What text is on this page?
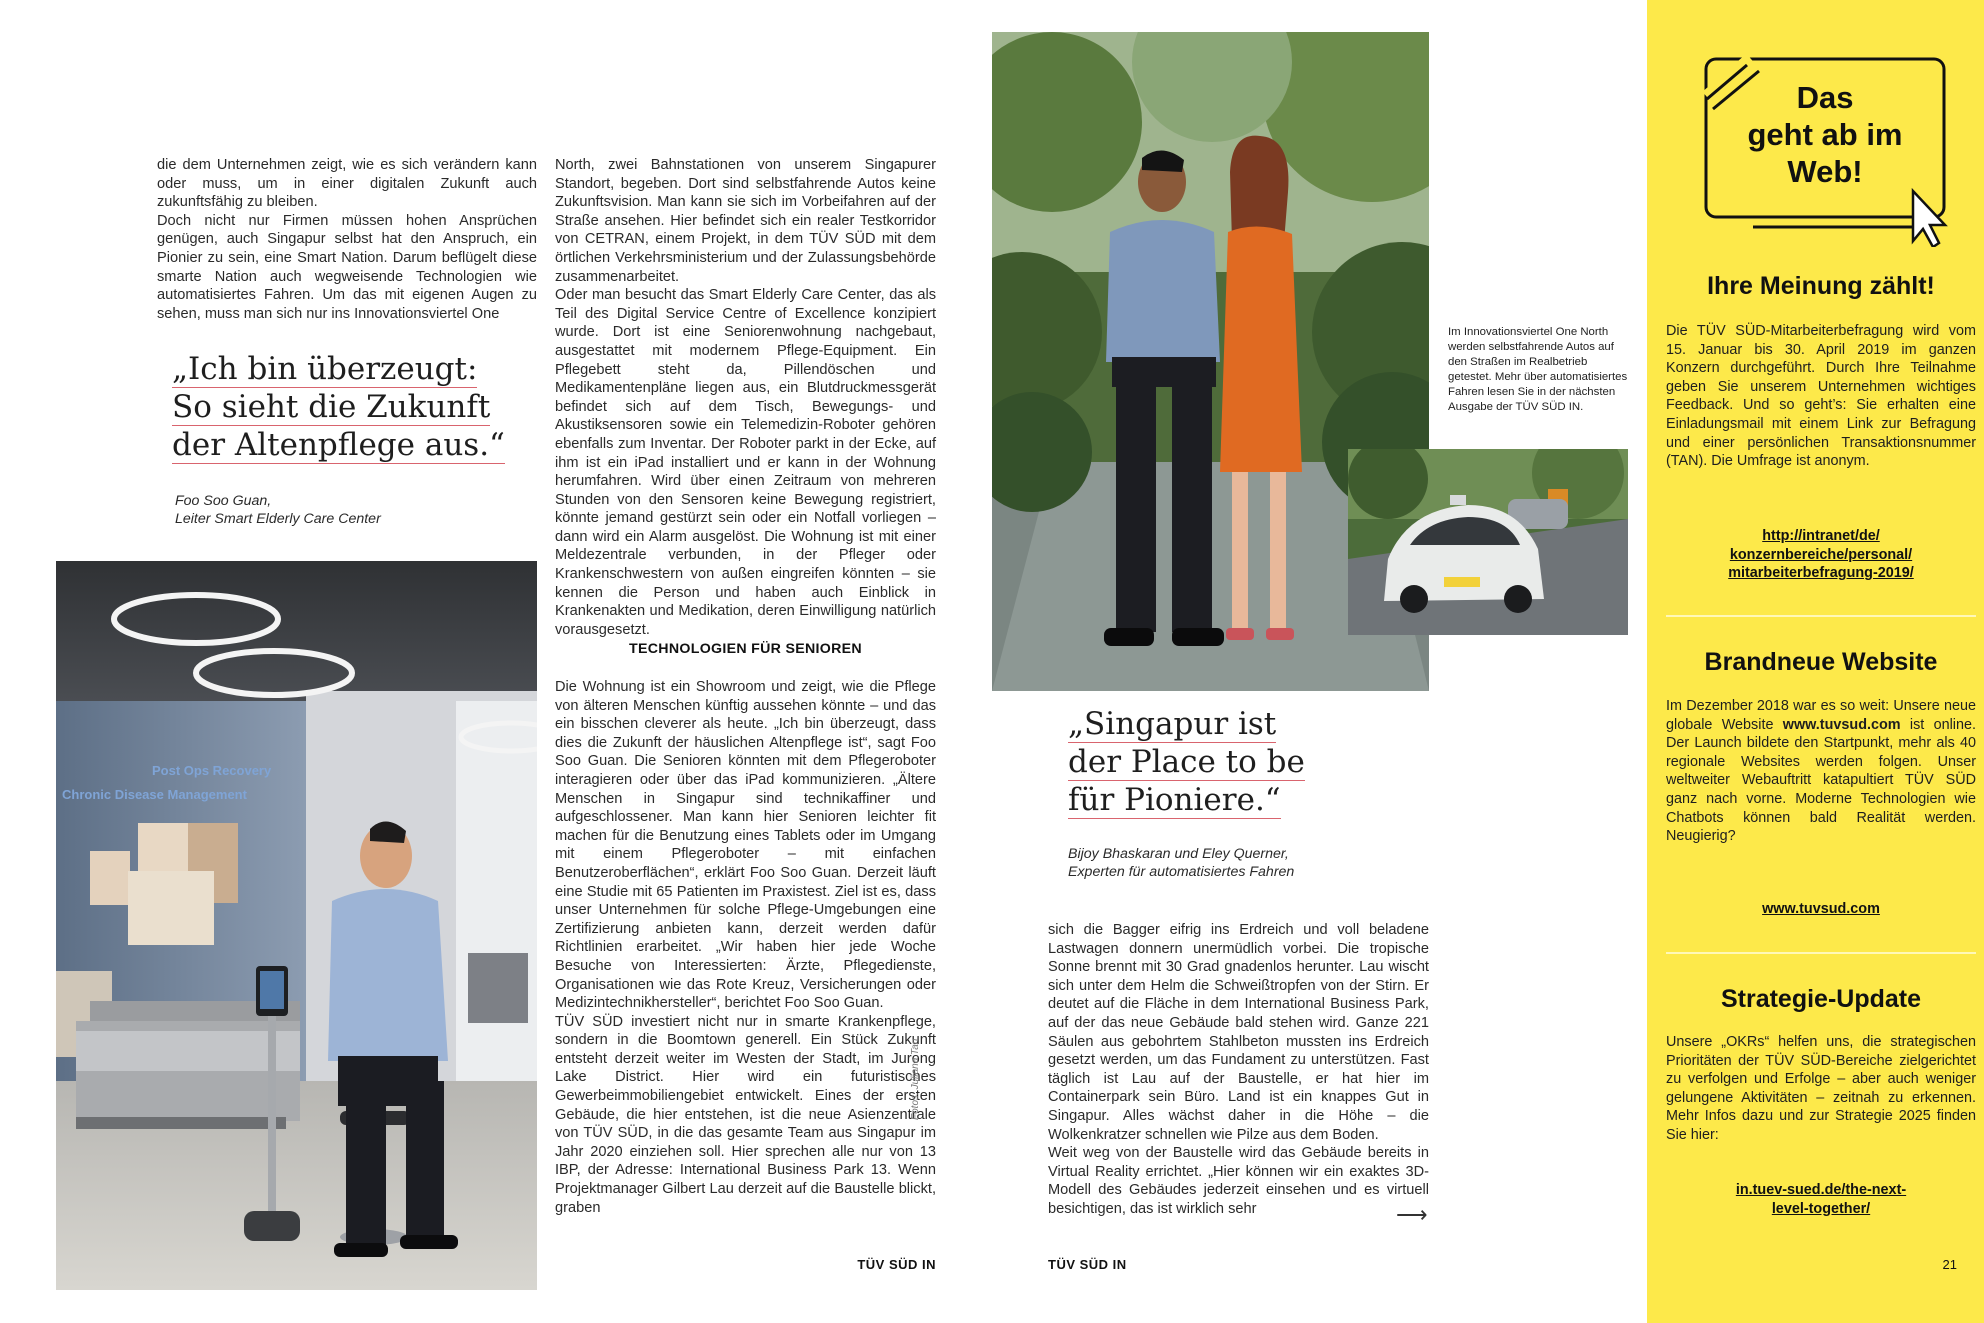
die dem Unternehmen zeigt, wie es sich verändern kann oder muss, um in einer digitalen Zukunft auch zukunftsfähig zu bleiben.
Doch nicht nur Firmen müssen hohen Ansprüchen genügen, auch Singapur selbst hat den Anspruch, ein Pionier zu sein, eine Smart Nation. Darum beflügelt diese smarte Nation auch wegweisende Technologien wie automatisiertes Fahren. Um das mit eigenen Augen zu sehen, muss man sich nur ins Innovationsviertel One
„Ich bin überzeugt:
So sieht die Zukunft
der Altenpflege aus.“
Foo Soo Guan,
Leiter Smart Elderly Care Center
Post Ops Recovery
Chronic Disease Management
North, zwei Bahnstationen von unserem Singapurer Standort, begeben. Dort sind selbstfahrende Autos keine Zukunftsvision. Man kann sie sich im Vorbeifahren auf der Straße ansehen. Hier befindet sich ein realer Testkorridor von CETRAN, einem Projekt, in dem TÜV SÜD mit dem örtlichen Verkehrsministerium und der Zulassungsbehörde zusammenarbeitet.
Oder man besucht das Smart Elderly Care Center, das als Teil des Digital Service Centre of Excellence konzipiert wurde. Dort ist eine Seniorenwohnung nachgebaut, ausgestattet mit modernem Pflege-Equipment. Ein Pflegebett steht da, Pillendöschen und Medikamentenpläne liegen aus, ein Blutdruckmessgerät befindet sich auf dem Tisch, Bewegungs- und Akustiksensoren sowie ein Telemedizin-Roboter gehören ebenfalls zum Inventar. Der Roboter parkt in der Ecke, auf ihm ist ein iPad installiert und er kann in der Wohnung herumfahren. Wird über einen Zeitraum von mehreren Stunden von den Sensoren keine Bewegung registriert, könnte jemand gestürzt sein oder ein Notfall vorliegen – dann wird ein Alarm ausgelöst. Die Wohnung ist mit einer Meldezentrale verbunden, in der Pfleger oder Krankenschwestern von außen eingreifen könnten – sie kennen die Person und haben auch Einblick in Krankenakten und Medikation, deren Einwilligung natürlich vorausgesetzt.
TECHNOLOGIEN FÜR SENIOREN
Die Wohnung ist ein Showroom und zeigt, wie die Pflege von älteren Menschen künftig aussehen könnte – und das ein bisschen cleverer als heute. „Ich bin überzeugt, dass dies die Zukunft der häuslichen Altenpflege ist“, sagt Foo Soo Guan. Die Senioren könnten mit dem Pflegeroboter interagieren oder über das iPad kommunizieren. „Ältere Menschen in Singapur sind technikaffiner und aufgeschlossener. Man kann hier Senioren leichter fit machen für die Benutzung eines Tablets oder im Umgang mit einem Pflegeroboter – mit einfachen Benutzeroberflächen“, erklärt Foo Soo Guan. Derzeit läuft eine Studie mit 65 Patienten im Praxistest. Ziel ist es, dass unser Unternehmen für solche Pflege-Umgebungen eine Zertifizierung anbieten kann, derzeit werden dafür Richtlinien erarbeitet. „Wir haben hier jede Woche Besuche von Interessierten: Ärzte, Pflegedienste, Organisationen wie das Rote Kreuz, Versicherungen oder Medizintechnikhersteller“, berichtet Foo Soo Guan.
TÜV SÜD investiert nicht nur in smarte Krankenpflege, sondern in die Boomtown generell. Ein Stück Zukunft entsteht derzeit weiter im Westen der Stadt, im Jurong Lake District. Hier wird ein futuristisches Gewerbeimmobiliengebiet entwickelt. Eines der ersten Gebäude, die hier entstehen, ist die neue Asienzentrale von TÜV SÜD, in die das gesamte Team aus Singapur im Jahr 2020 einziehen soll. Hier sprechen alle nur von 13 IBP, der Adresse: International Business Park 13. Wenn Projektmanager Gilbert Lau derzeit auf die Baustelle blickt, graben
TÜV SÜD IN
Fotos: Juliana Tan
Im Innovationsviertel One North werden selbstfahrende Autos auf den Straßen im Realbetrieb getestet. Mehr über automatisiertes Fahren lesen Sie in der nächsten Ausgabe der TÜV SÜD IN.
„Singapur ist
der Place to be
für Pioniere.“
Bijoy Bhaskaran und Eley Querner,
Experten für automatisiertes Fahren
sich die Bagger eifrig ins Erdreich und voll beladene Lastwagen donnern unermüdlich vorbei. Die tropische Sonne brennt mit 30 Grad gnadenlos herunter. Lau wischt sich unter dem Helm die Schweißtropfen von der Stirn. Er deutet auf die Fläche in dem International Business Park, auf der das neue Gebäude bald stehen wird. Ganze 221 Säulen aus gebohrtem Stahlbeton mussten ins Erdreich gesetzt werden, um das Fundament zu unterstützen. Fast täglich ist Lau auf der Baustelle, er hat hier im Containerpark sein Büro. Land ist ein knappes Gut in Singapur. Alles wächst daher in die Höhe – die Wolkenkratzer schnellen wie Pilze aus dem Boden.
Weit weg von der Baustelle wird das Gebäude bereits in Virtual Reality errichtet. „Hier können wir ein exaktes 3D-Modell des Gebäudes jederzeit einsehen und es virtuell besichtigen, das ist wirklich sehr	⟶
TÜV SÜD IN
Das
geht ab im
Web!
Ihre Meinung zählt!
Die TÜV SÜD-Mitarbeiterbefragung wird vom 15. Januar bis 30. April 2019 im ganzen Konzern durchgeführt. Durch Ihre Teilnahme geben Sie unserem Unternehmen wichtiges Feedback. Und so geht’s: Sie erhalten eine Einladungsmail mit einem Link zur Befragung und einer persönlichen Transaktionsnummer (TAN). Die Umfrage ist anonym.
http://intranet/de/
konzernbereiche/personal/
mitarbeiterbefragung-2019/
Brandneue Website
Im Dezember 2018 war es so weit: Unsere neue globale Website www.tuvsud.com ist online. Der Launch bildete den Startpunkt, mehr als 40 regionale Websites werden folgen. Unser weltweiter Webauftritt katapultiert TÜV SÜD ganz nach vorne. Moderne Technologien wie Chatbots können bald Realität werden. Neugierig?
www.tuvsud.com
Strategie-Update
Unsere „OKRs“ helfen uns, die strategischen Prioritäten der TÜV SÜD-Bereiche zielgerichtet zu verfolgen und Erfolge – aber auch weniger gelungene Aktivitäten – zeitnah zu erkennen. Mehr Infos dazu und zur Strategie 2025 finden Sie hier:
in.tuev-sued.de/the-next-
level-together/
21
